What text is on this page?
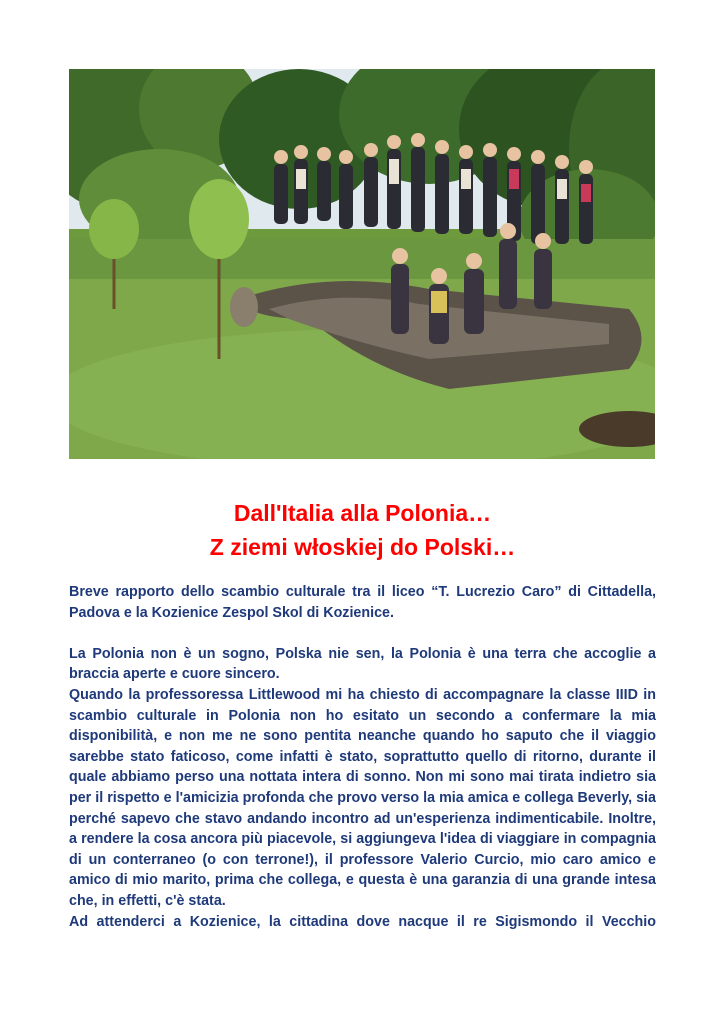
Dall'Italia alla Polonia…
Z ziemi włoskiej do Polski…

Breve rapporto dello scambio culturale tra il liceo “T. Lucrezio Caro” di Cittadella, Padova e la Kozienice Zespol Skol di Kozienice.

La Polonia non è un sogno, Polska nie sen, la Polonia è una terra che accoglie a braccia aperte e cuore sincero.

Quando la professoressa Littlewood mi ha chiesto di accompagnare la classe IIID in scambio culturale in Polonia non ho esitato un secondo a confermare la mia disponibilità, e non me ne sono pentita neanche quando ho saputo che il viaggio sarebbe stato faticoso, come infatti è stato, soprattutto quello di ritorno, durante il quale abbiamo perso una nottata intera di sonno. Non mi sono mai tirata indietro sia per il rispetto e l'amicizia profonda che provo verso la mia amica e collega Beverly, sia perché sapevo che stavo andando incontro ad un'esperienza indimenticabile. Inoltre, a rendere la cosa ancora più piacevole, si aggiungeva l'idea di viaggiare in compagnia di un conterraneo (o con terrone!), il professore Valerio Curcio, mio caro amico e amico di mio marito, prima che collega, e questa è una garanzia di una grande intesa che, in effetti, c'è stata.

Ad attenderci a Kozienice, la cittadina dove nacque il re Sigismondo il Vecchio
